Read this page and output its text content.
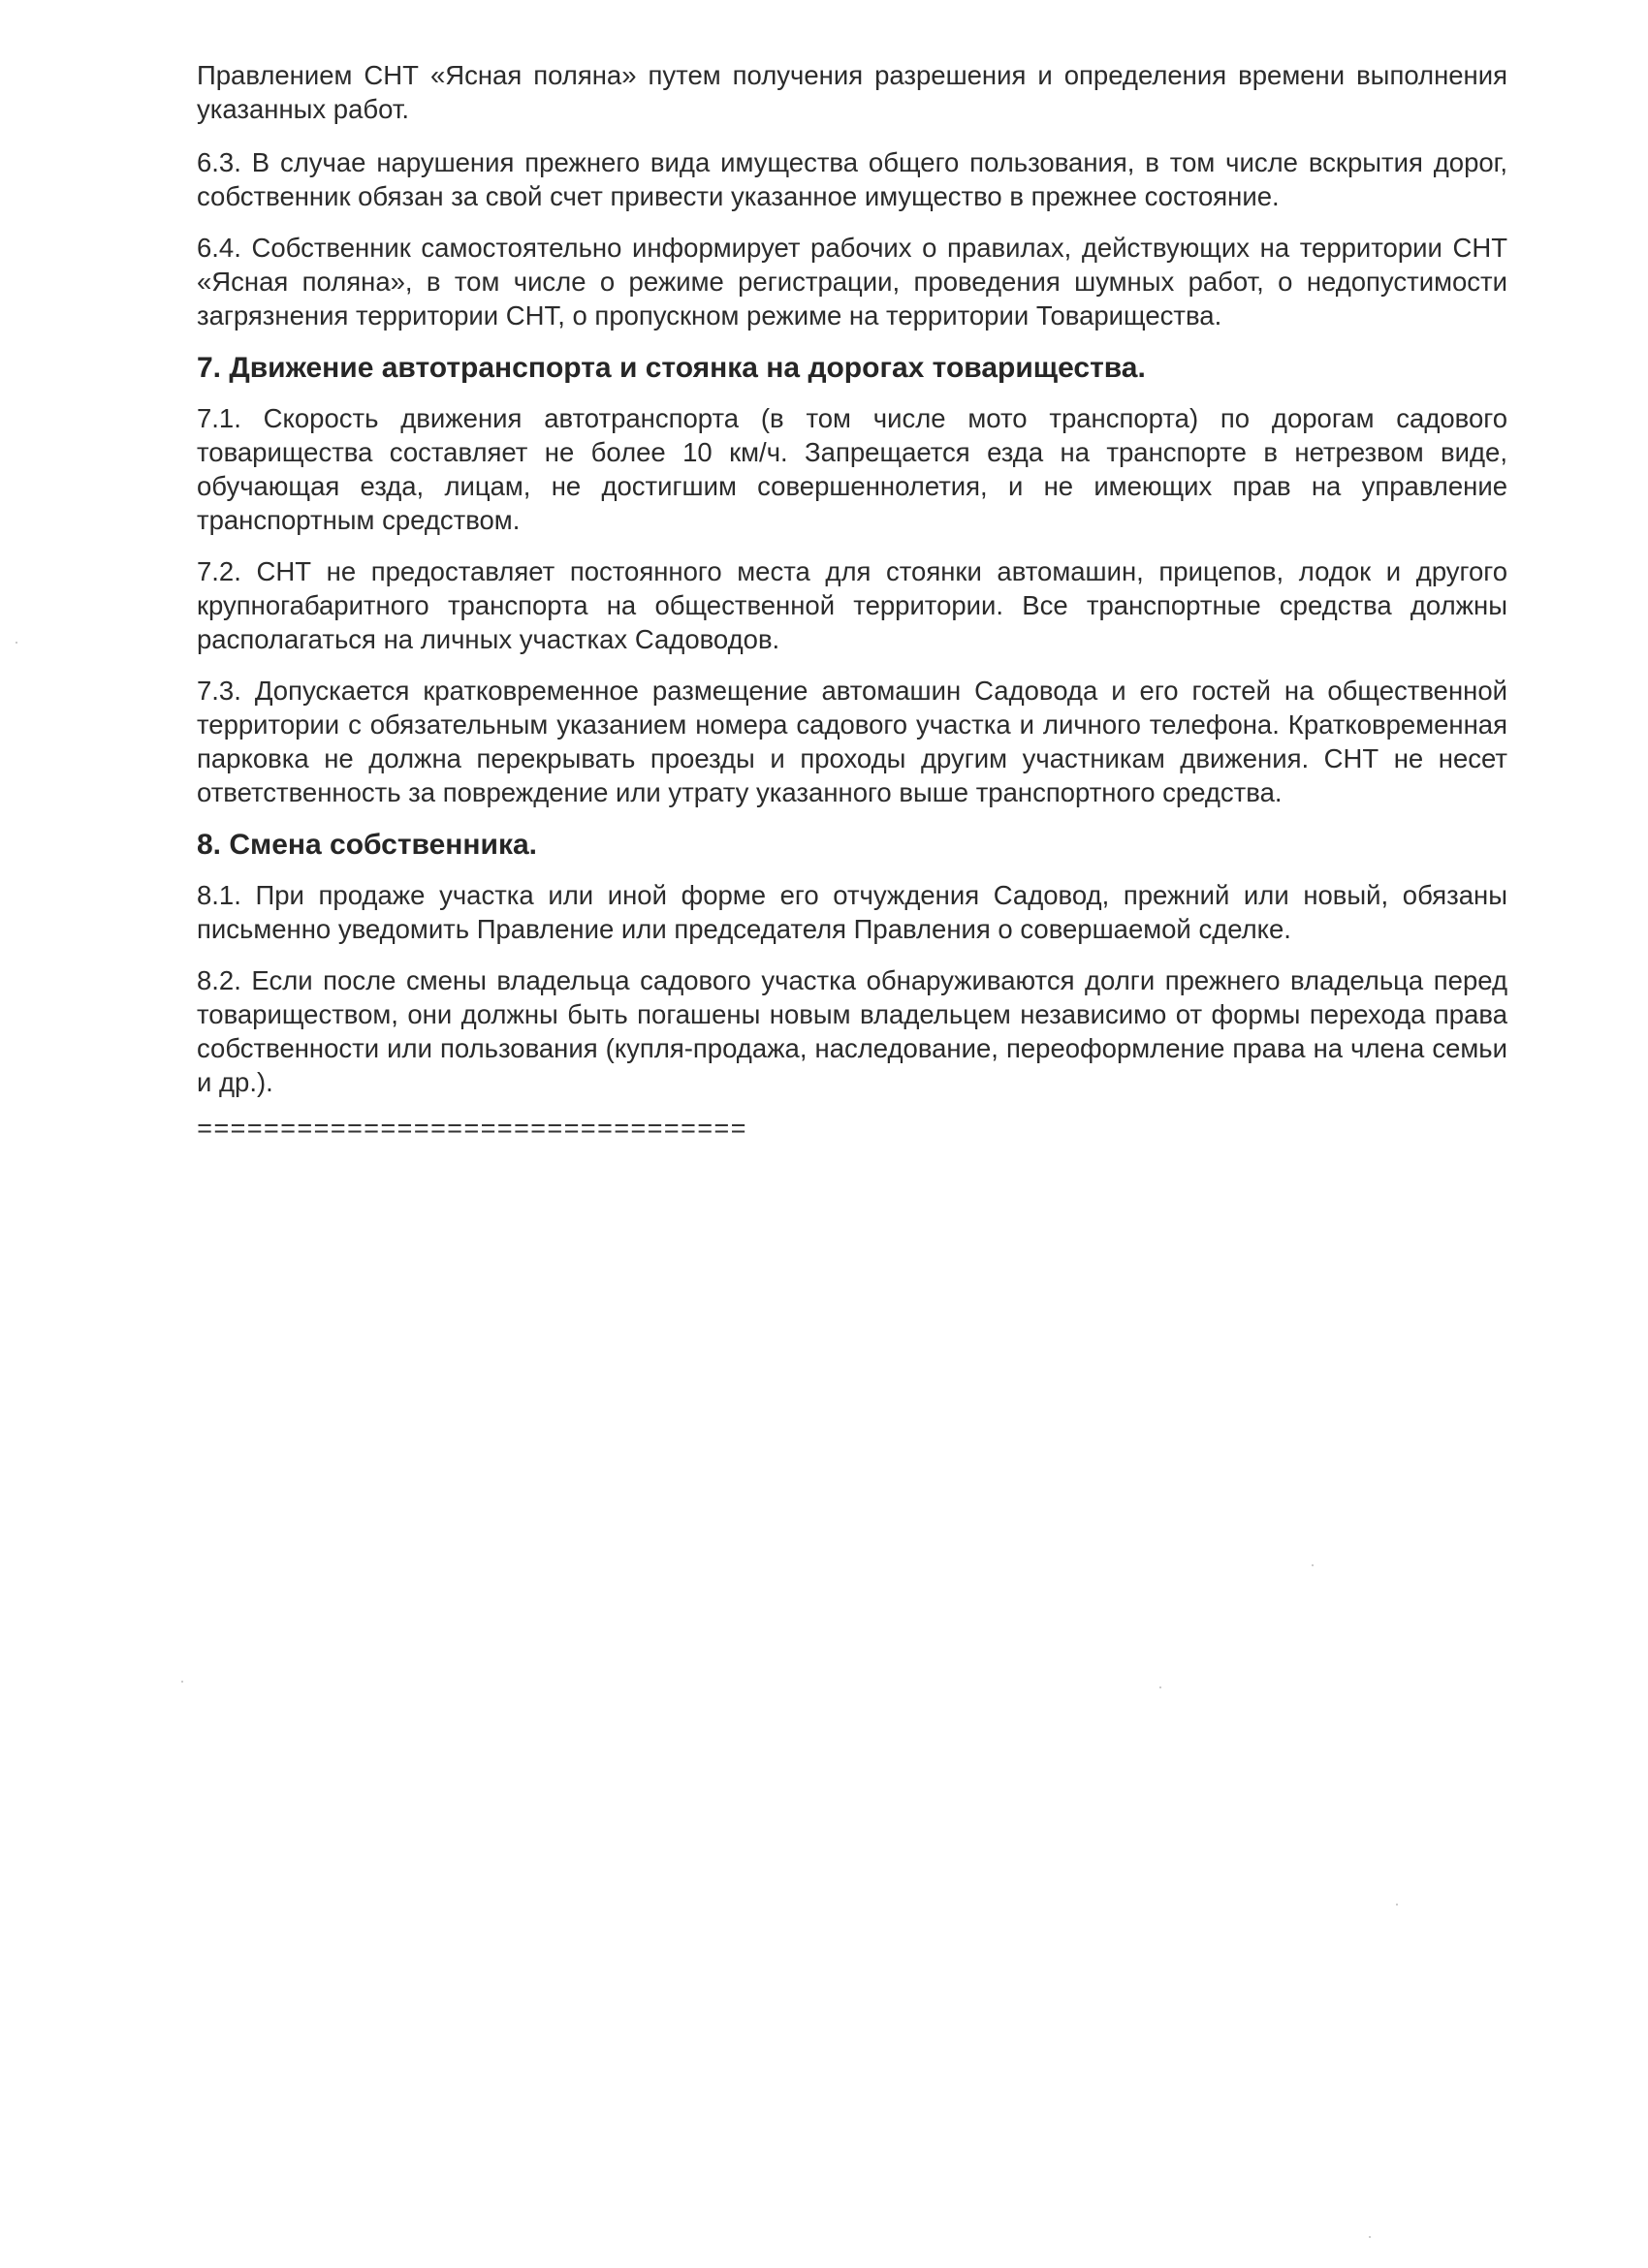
Правлением СНТ «Ясная поляна» путем получения разрешения и определения времени выполнения указанных работ.

6.3. В случае нарушения прежнего вида имущества общего пользования, в том числе вскрытия дорог, собственник обязан за свой счет привести указанное имущество в прежнее состояние.

6.4. Собственник самостоятельно информирует рабочих о правилах, действующих на территории СНТ «Ясная поляна», в том числе о режиме регистрации, проведения шумных работ, о недопустимости загрязнения территории СНТ, о пропускном режиме на территории Товарищества.

7. Движение автотранспорта и стоянка на дорогах товарищества.

7.1. Скорость движения автотранспорта (в том числе мото транспорта) по дорогам садового товарищества составляет не более 10 км/ч. Запрещается езда на транспорте в нетрезвом виде, обучающая езда, лицам, не достигшим совершеннолетия, и не имеющих прав на управление транспортным средством.

7.2. СНТ не предоставляет постоянного места для стоянки автомашин, прицепов, лодок и другого крупногабаритного транспорта на общественной территории. Все транспортные средства должны располагаться на личных участках Садоводов.

7.3. Допускается кратковременное размещение автомашин Садовода и его гостей на общественной территории с обязательным указанием номера садового участка и личного телефона. Кратковременная парковка не должна перекрывать проезды и проходы другим участникам движения. СНТ не несет ответственность за повреждение или утрату указанного выше транспортного средства.

8. Смена собственника.

8.1. При продаже участка или иной форме его отчуждения Садовод, прежний или новый, обязаны письменно уведомить Правление или председателя Правления о совершаемой сделке.

8.2. Если после смены владельца садового участка обнаруживаются долги прежнего владельца перед товариществом, они должны быть погашены новым владельцем независимо от формы перехода права собственности или пользования (купля-продажа, наследование, переоформление права на члена семьи и др.).

=================================
